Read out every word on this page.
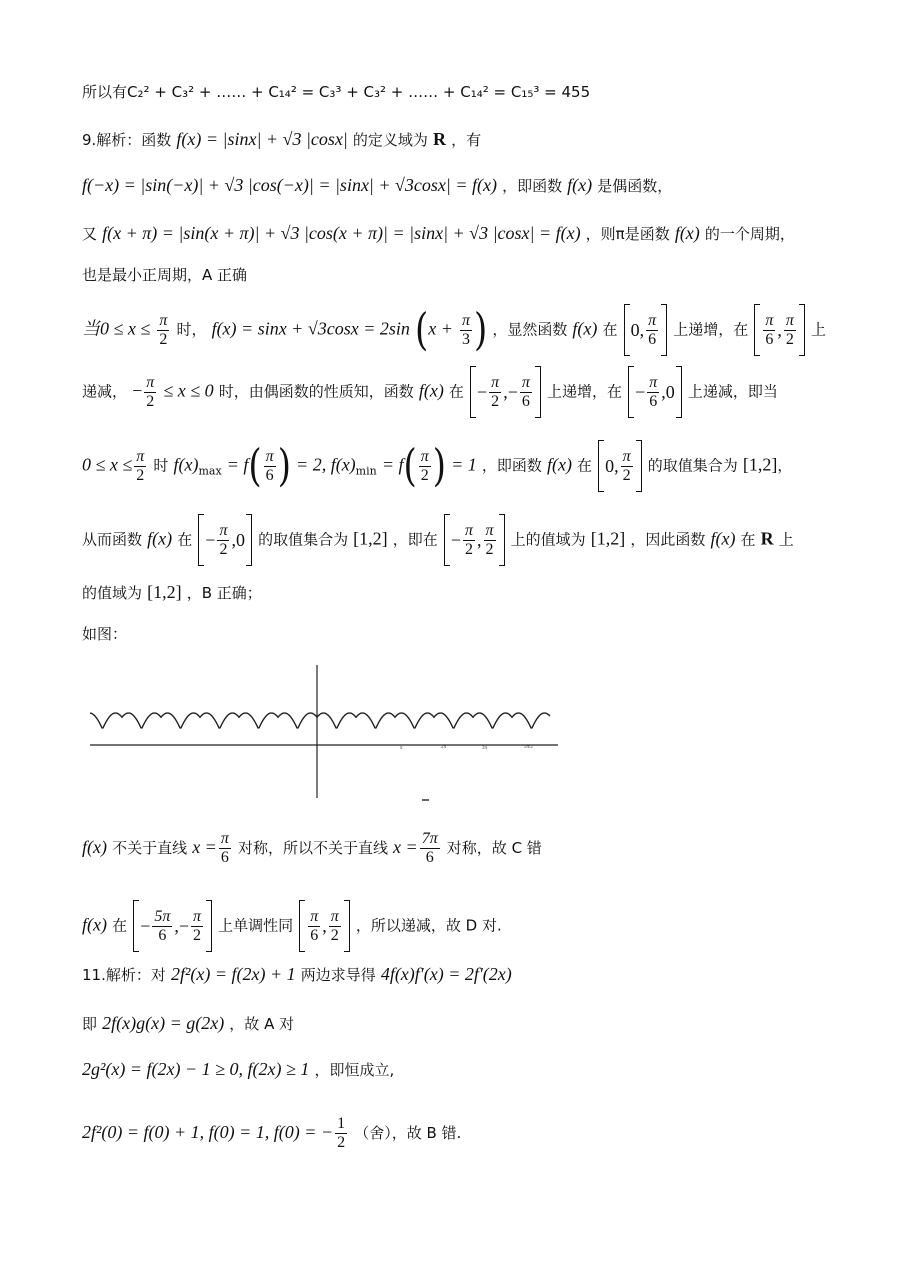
所以有C₂² + C₃² + …… + C₁₄² = C₃³ + C₃² + …… + C₁₄² = C₁₅³ = 455
9.解析：函数 f(x) = |sinx| + √3 |cosx| 的定义域为 R ，有
f(−x) = |sin(−x)| + √3 |cos(−x)| = |sinx| + √3cosx| = f(x) ，即函数 f(x) 是偶函数，
又 f(x + π) = |sin(x + π)| + √3 |cos(x + π)| = |sinx| + √3 |cosx| = f(x) ，则π是函数 f(x) 的一个周期，
也是最小正周期，A 正确
当$0 \le x \le \frac{\pi}{2}$ 时， f(x) = sinx + √3cosx = 2sin ($x + \frac{\pi}{3}$ ) ，显然函数 f(x) 在 0, $\frac{\pi}{6}$ 上递增，在 $\frac{\pi}{6}$ , $\frac{\pi}{2}$ 上
递减， − $\frac{\pi}{2} \le x \le 0$ 时，由偶函数的性质知，函数 f(x) 在 − $\frac{\pi}{2}$ ,− $\frac{\pi}{6}$ 上递增，在 − $\frac{\pi}{6} ,0$ 上递减，即当
$0 \le x \le \frac{\pi}{2}$ 时 $f(x)_{max} = f( \frac{\pi}{6}$ ) = 2, $f(x)_{min} = f( \frac{\pi}{2}$ ) = 1 ，即函数 f(x) 在 0, $\frac{\pi}{2}$ 的取值集合为 [1,2]，
从而函数 f(x) 在 − $\frac{\pi}{2} ,0$ 的取值集合为 [1,2] ，即在 − $\frac{\pi}{2}$ , $\frac{\pi}{2}$ 上的值域为 [1,2] ，因此函数 f(x) 在 R 上
的值域为 [1,2] ，B 正确；
如图：
π	2π	3π	5π/2
f(x) 不关于直线 $x = \frac{\pi}{6}$ 对称，所以不关于直线 $x = \frac{7\pi}{6}$ 对称，故 C 错
f(x) 在 − $\frac{5\pi}{6}$ ,− $\frac{\pi}{2}$ 上单调性同 $\frac{\pi}{6}$ , $\frac{\pi}{2}$ ，所以递减，故 D 对.
11.解析：对 2f²(x) = f(2x) + 1 两边求导得 4f(x)f′(x) = 2f′(2x)
即 2f(x)g(x) = g(2x) ，故 A 对
2g²(x) = f(2x) − 1 ≥ 0, f(2x) ≥ 1 ，即恒成立,
2f²(0) = f(0) + 1, f(0) = 1, f(0) = − $\frac{1}{2}$ （舍），故 B 错.
